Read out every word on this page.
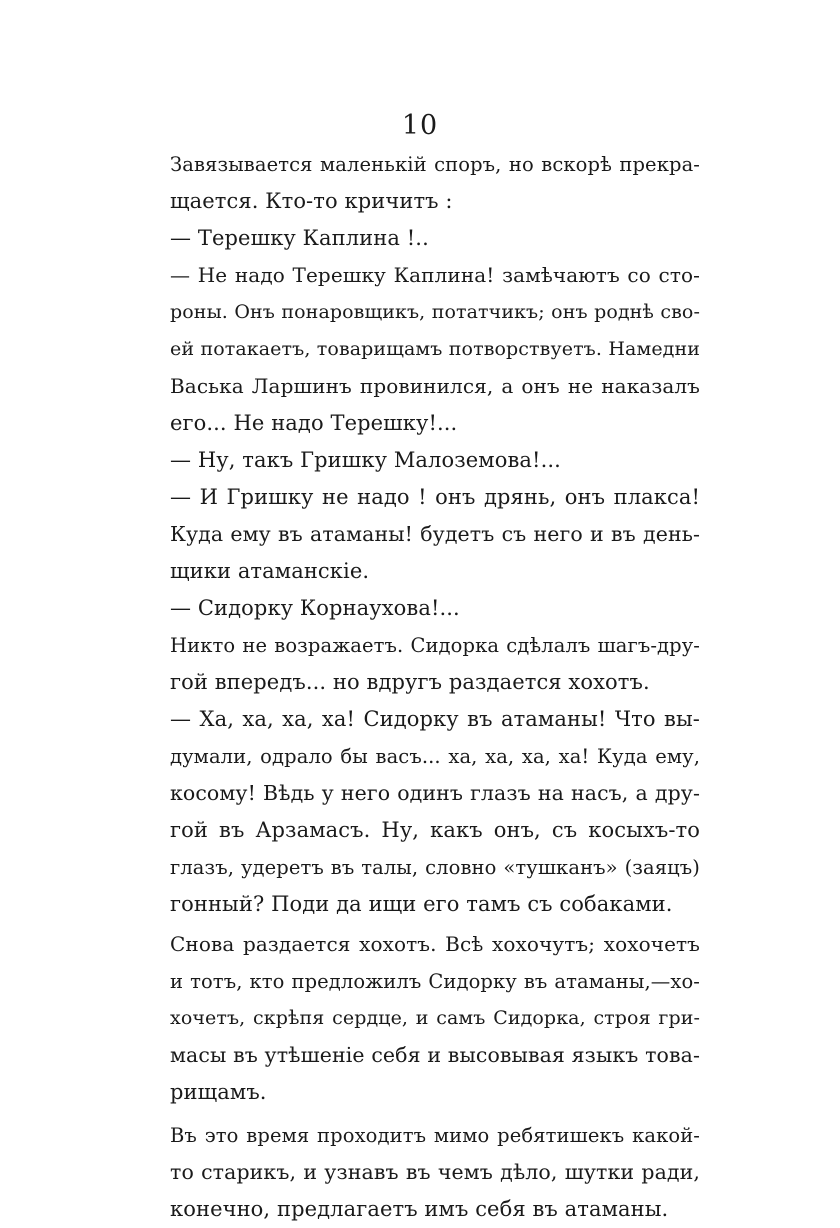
10
Завязывается маленькій споръ, но вскорѣ прекра-
щается. Кто-то кричитъ :
— Терешку Каплина !..
— Не надо Терешку Каплина! замѣчаютъ со сто-
роны. Онъ понаровщикъ, потатчикъ; онъ роднѣ сво-
ей потакаетъ, товарищамъ потворствуетъ. Намедни
Васька Ларшинъ провинился, а онъ не наказалъ
его... Не надо Терешку!...
— Ну, такъ Гришку Малоземова!...
— И Гришку не надо ! онъ дрянь, онъ плакса!
Куда ему въ атаманы! будетъ съ него и въ день-
щики атаманскіе.
— Сидорку Корнаухова!...
Никто не возражаетъ. Сидорка сдѣлалъ шагъ-дру-
гой впередъ... но вдругъ раздается хохотъ.
— Ха, ха, ха, ха! Сидорку въ атаманы! Что вы-
думали, одрало бы васъ... ха, ха, ха, ха! Куда ему,
косому! Вѣдь у него одинъ глазъ на насъ, а дру-
гой въ Арзамасъ. Ну, какъ онъ, съ косыхъ-то
глазъ, удеретъ въ талы, словно «тушканъ» (заяцъ)
гонный? Поди да ищи его тамъ съ собаками.
Снова раздается хохотъ. Всѣ хохочутъ; хохочетъ
и тотъ, кто предложилъ Сидорку въ атаманы,—хо-
хочетъ, скрѣпя сердце, и самъ Сидорка, строя гри-
масы въ утѣшеніе себя и высовывая языкъ това-
рищамъ.
Въ это время проходитъ мимо ребятишекъ какой-
то старикъ, и узнавъ въ чемъ дѣло, шутки ради,
конечно, предлагаетъ имъ себя въ атаманы.
